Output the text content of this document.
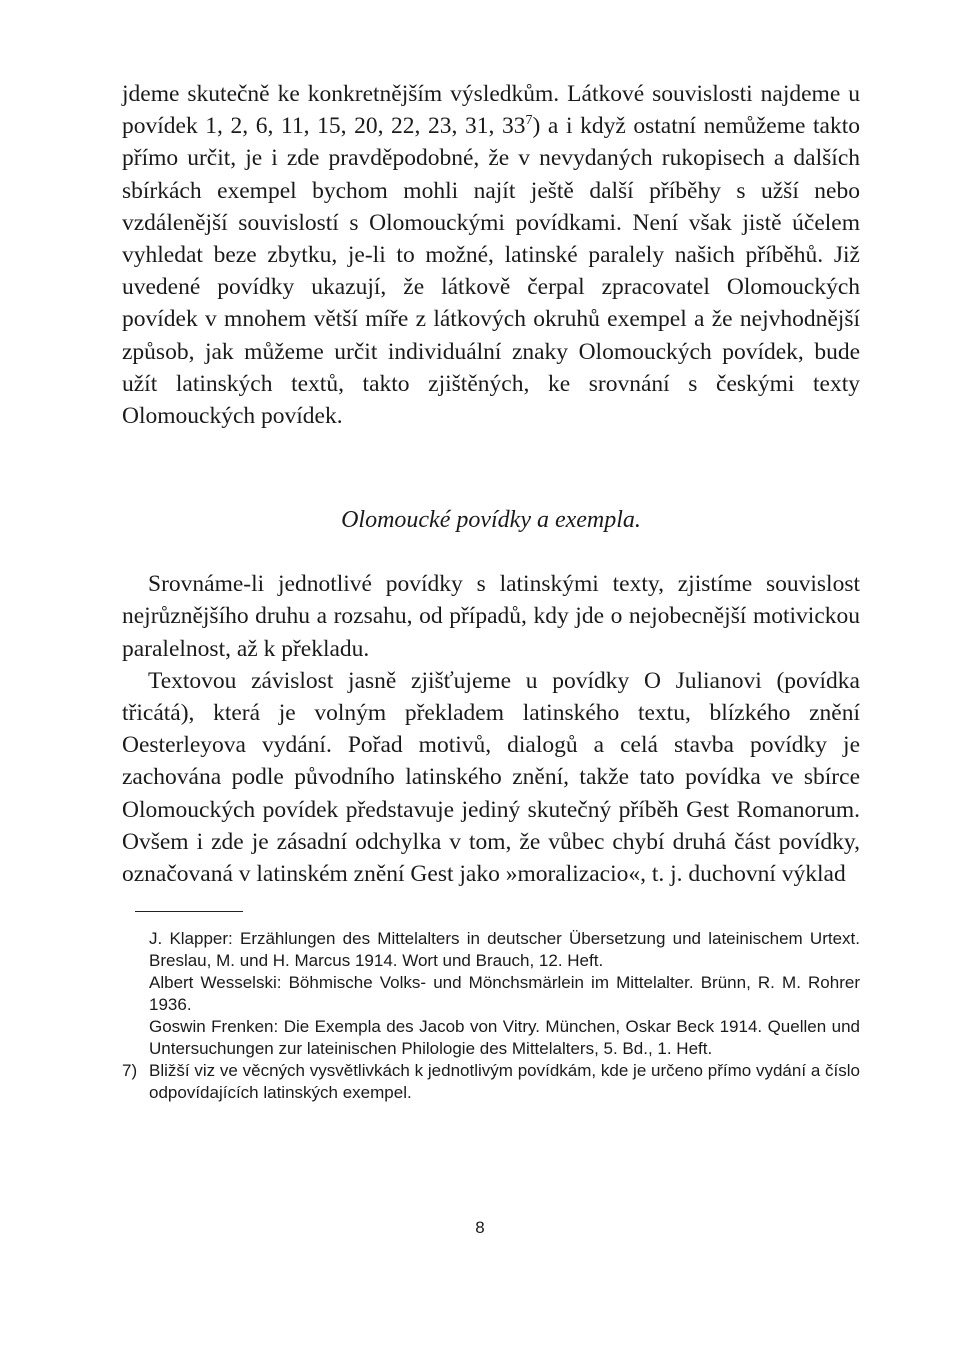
jdeme skutečně ke konkretnějším výsledkům. Látkové souvislosti najdeme u povídek 1, 2, 6, 11, 15, 20, 22, 23, 31, $33^7$) a i když ostatní nemůžeme takto přímo určit, je i zde pravděpodobné, že v nevydaných rukopisech a dalších sbírkách exempel bychom mohli najít ještě další příběhy s užší nebo vzdálenější souvislostí s Olomouckými povídkami. Není však jistě účelem vyhledat beze zbytku, je-li to možné, latinské paralely našich příběhů. Již uvedené povídky ukazují, že látkově čerpal zpracovatel Olomouckých povídek v mnohem větší míře z látkových okruhů exempel a že nejvhodnější způsob, jak můžeme určit individuální znaky Olomouckých povídek, bude užít latinských textů, takto zjištěných, ke srovnání s českými texty Olomouckých povídek.

Olomoucké povídky a exempla.

Srovnáme-li jednotlivé povídky s latinskými texty, zjistíme souvislost nejrůznějšího druhu a rozsahu, od případů, kdy jde o nejobecnější motivickou paralelnost, až k překladu.

Textovou závislost jasně zjišťujeme u povídky O Julianovi (povídka třicátá), která je volným překladem latinského textu, blízkého znění Oesterleyova vydání. Pořad motivů, dialogů a celá stavba povídky je zachována podle původního latinského znění, takže tato povídka ve sbírce Olomouckých povídek představuje jediný skutečný příběh Gest Romanorum. Ovšem i zde je zásadní odchylka v tom, že vůbec chybí druhá část povídky, označovaná v latinském znění Gest jako »moralizacio«, t. j. duchovní výklad

J. Klapper: Erzählungen des Mittelalters in deutscher Übersetzung und lateinischem Urtext. Breslau, M. und H. Marcus 1914. Wort und Brauch, 12. Heft.

Albert Wesselski: Böhmische Volks- und Mönchsmärlein im Mittelalter. Brünn, R. M. Rohrer 1936.

Goswin Frenken: Die Exempla des Jacob von Vitry. München, Oskar Beck 1914. Quellen und Untersuchungen zur lateinischen Philologie des Mittelalters, 5. Bd., 1. Heft.

7) Bližší viz ve věcných vysvětlivkách k jednotlivým povídkám, kde je určeno přímo vydání a číslo odpovídajících latinských exempel.

8
